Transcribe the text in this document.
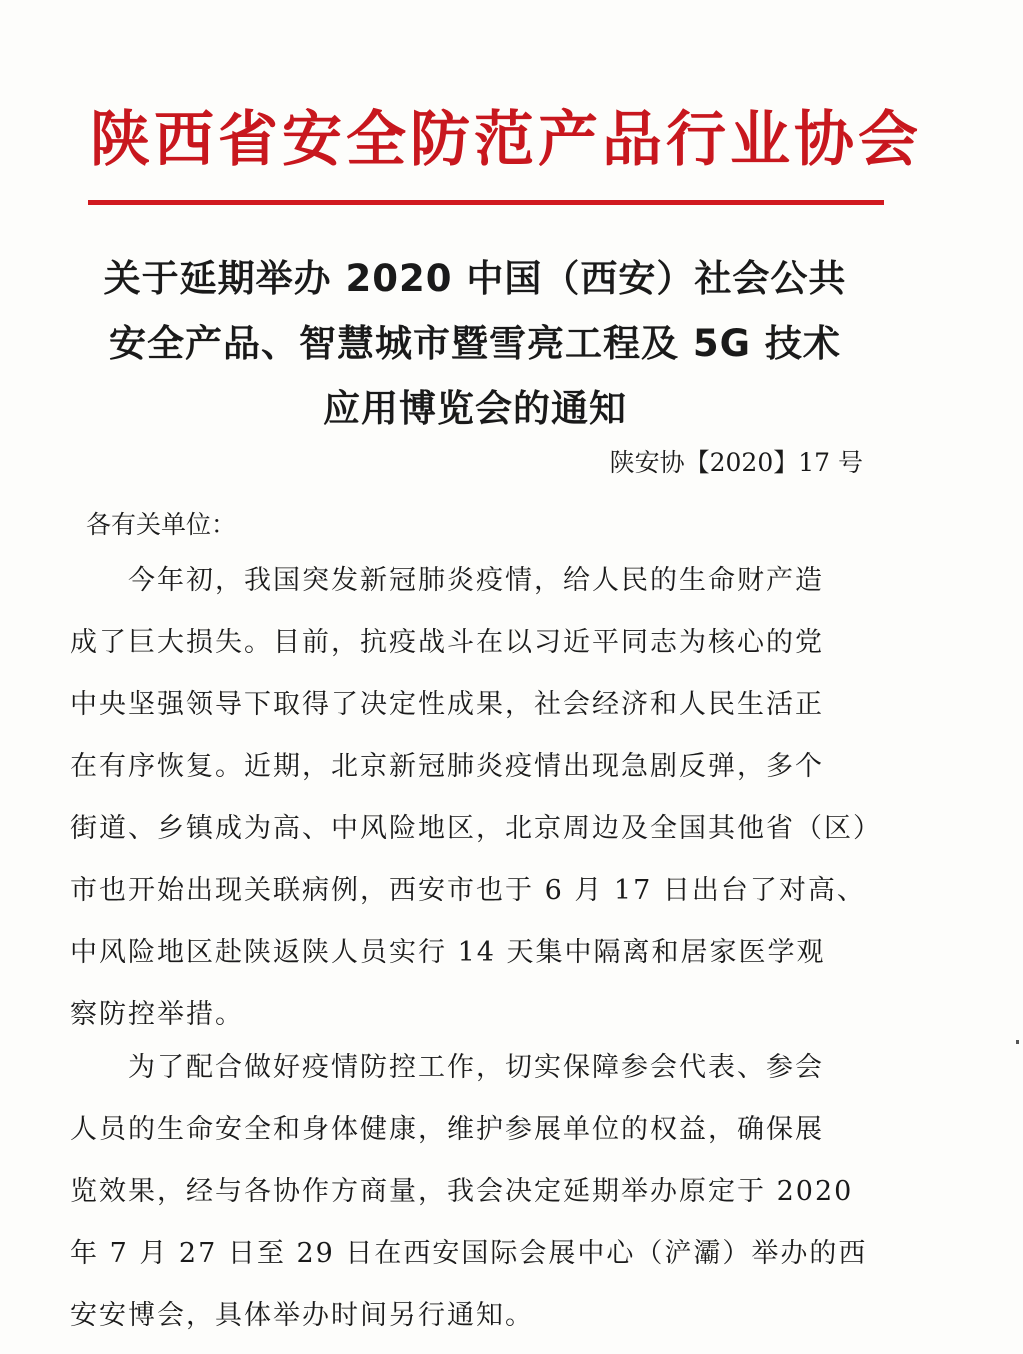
陕西省安全防范产品行业协会
关于延期举办 2020 中国（西安）社会公共
安全产品、智慧城市暨雪亮工程及 5G 技术
应用博览会的通知
陕安协【2020】17 号
各有关单位：
　　今年初，我国突发新冠肺炎疫情，给人民的生命财产造
成了巨大损失。目前，抗疫战斗在以习近平同志为核心的党
中央坚强领导下取得了决定性成果，社会经济和人民生活正
在有序恢复。近期，北京新冠肺炎疫情出现急剧反弹，多个
街道、乡镇成为高、中风险地区，北京周边及全国其他省（区）
市也开始出现关联病例，西安市也于 6 月 17 日出台了对高、
中风险地区赴陕返陕人员实行 14 天集中隔离和居家医学观
察防控举措。
　　为了配合做好疫情防控工作，切实保障参会代表、参会
人员的生命安全和身体健康，维护参展单位的权益，确保展
览效果，经与各协作方商量，我会决定延期举办原定于 2020
年 7 月 27 日至 29 日在西安国际会展中心（浐灞）举办的西
安安博会，具体举办时间另行通知。
